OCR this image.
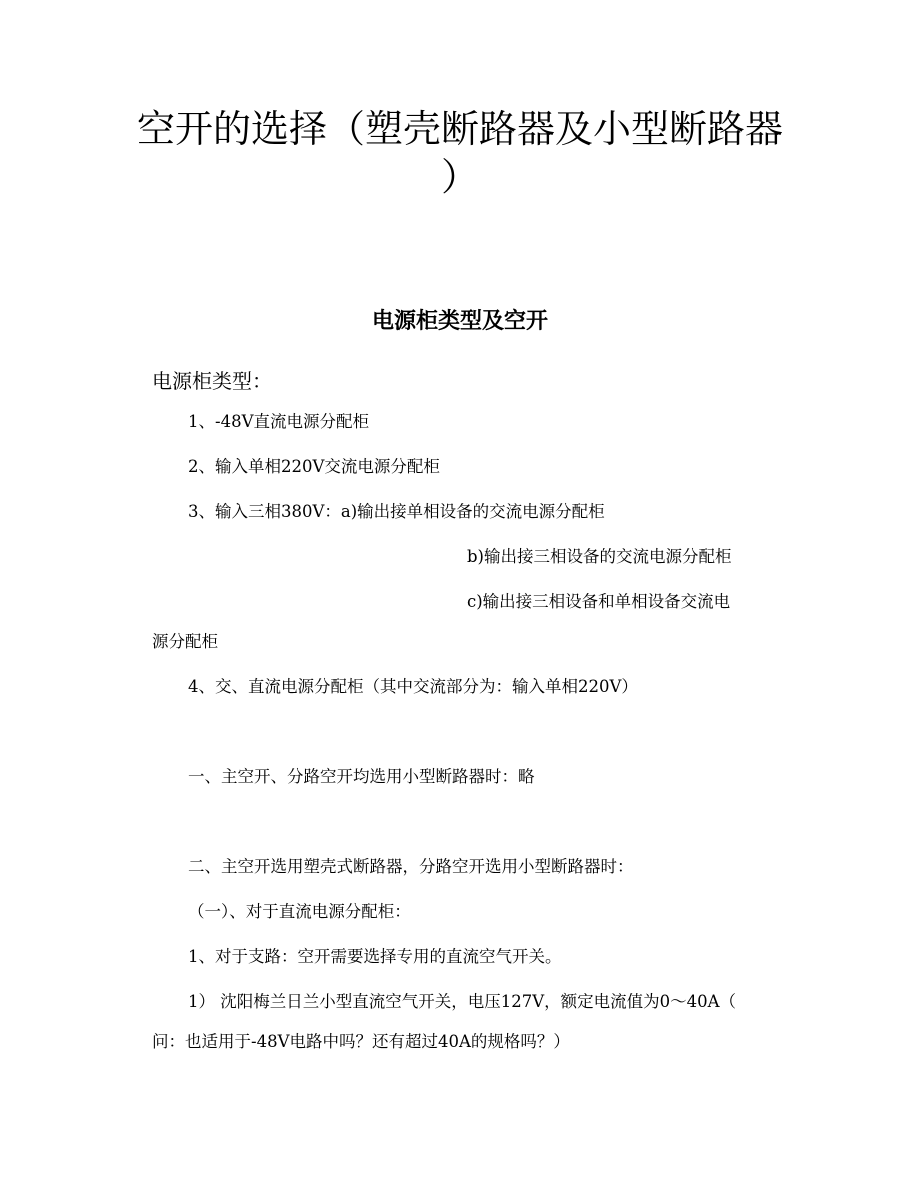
空开的选择（塑壳断路器及小型断路器
）
电源柜类型及空开
电源柜类型：

1、-48V直流电源分配柜

2、输入单相220V交流电源分配柜

3、输入三相380V：a)输出接单相设备的交流电源分配柜

b)输出接三相设备的交流电源分配柜

c)输出接三相设备和单相设备交流电

源分配柜

4、交、直流电源分配柜（其中交流部分为：输入单相220V）

一、主空开、分路空开均选用小型断路器时：略

二、主空开选用塑壳式断路器，分路空开选用小型断路器时：

（一）、对于直流电源分配柜：

1、对于支路：空开需要选择专用的直流空气开关。

1） 沈阳梅兰日兰小型直流空气开关，电压127V，额定电流值为0～40A（

问：也适用于-48V电路中吗？还有超过40A的规格吗？）
